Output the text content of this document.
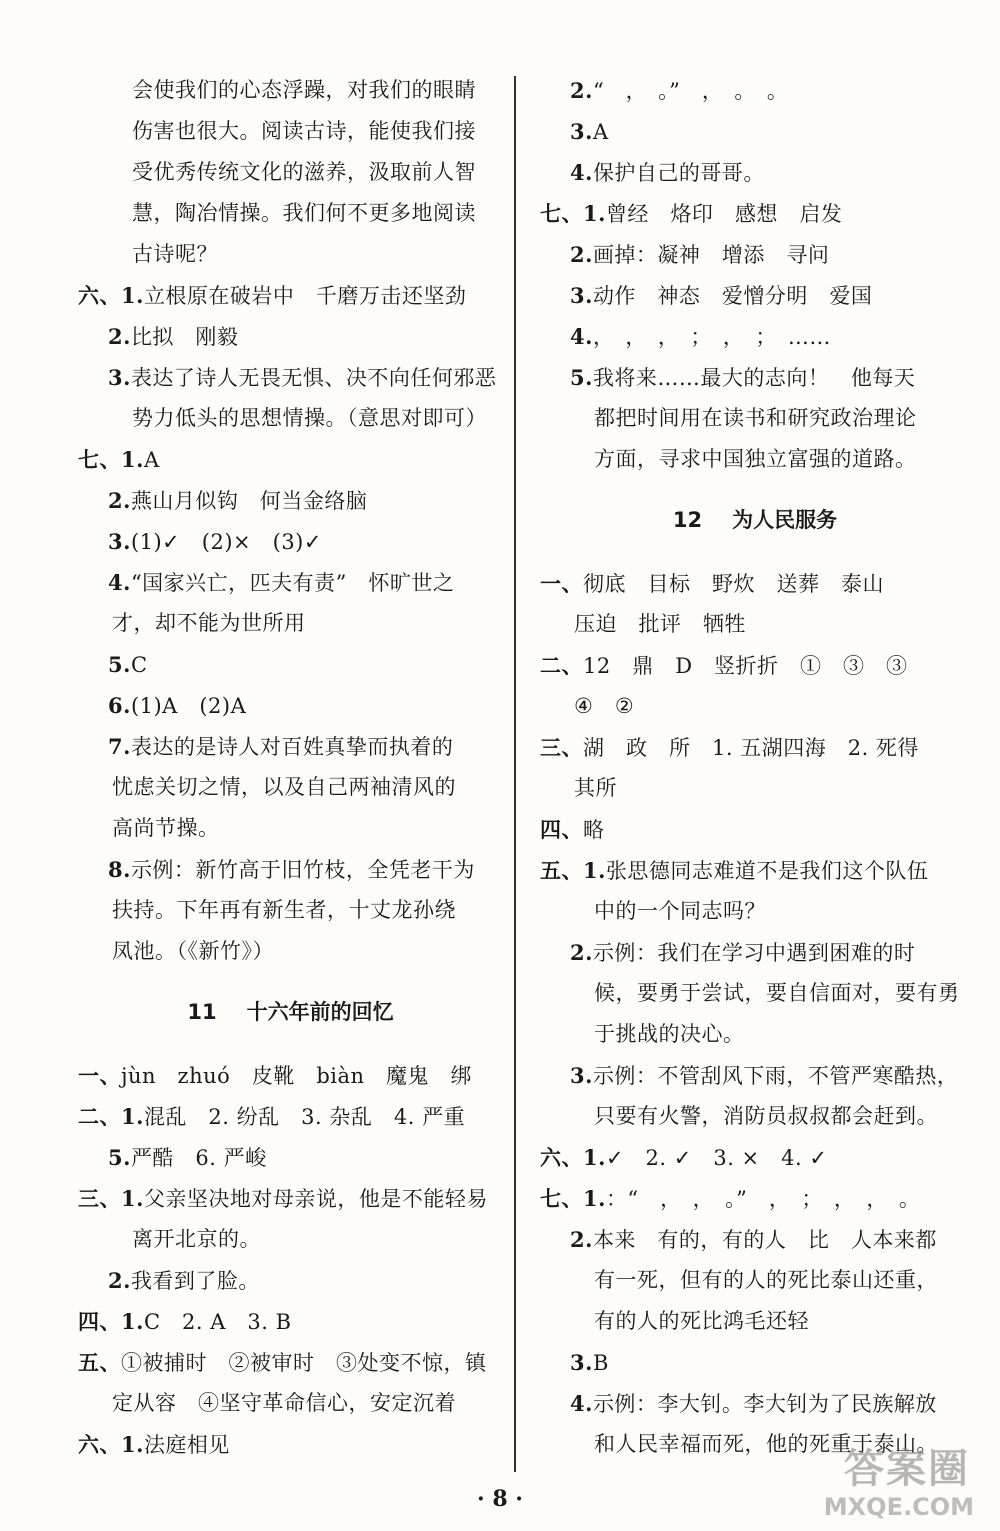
会使我们的心态浮躁，对我们的眼睛
伤害也很大。阅读古诗，能使我们接
受优秀传统文化的滋养，汲取前人智
慧，陶冶情操。我们何不更多地阅读
古诗呢？
六、1.立根原在破岩中　千磨万击还坚劲
2.比拟　刚毅
3.表达了诗人无畏无惧、决不向任何邪恶
势力低头的思想情操。（意思对即可）
七、1.A
2.燕山月似钩　何当金络脑
3.(1)✓　(2)×　(3)✓
4.“国家兴亡，匹夫有责”　怀旷世之
才，却不能为世所用
5.C
6.(1)A　(2)A
7.表达的是诗人对百姓真挚而执着的
忧虑关切之情，以及自己两袖清风的
高尚节操。
8.示例：新竹高于旧竹枝，全凭老干为
扶持。下年再有新生者，十丈龙孙绕
凤池。（《新竹》）
11 十六年前的回忆
一、jùn　zhuó　皮靴　biàn　魔鬼　绑
二、1.混乱　2. 纷乱　3. 杂乱　4. 严重
5.严酷　6. 严峻
三、1.父亲坚决地对母亲说，他是不能轻易
离开北京的。
2.我看到了脸。
四、1.C　2. A　3. B
五、①被捕时　②被审时　③处变不惊，镇
定从容　④坚守革命信心，安定沉着
六、1.法庭相见
2.“　，　。”　，　。　。
3.A
4.保护自己的哥哥。
七、1.曾经　烙印　感想　启发
2.画掉：凝神　增添　寻问
3.动作　神态　爱憎分明　爱国
4.，　，　，　；　，　；　……
5.我将来……最大的志向！　他每天
都把时间用在读书和研究政治理论
方面，寻求中国独立富强的道路。
12 为人民服务
一、彻底　目标　野炊　送葬　泰山
压迫　批评　牺牲
二、12　鼎　D　竖折折　①　③　③
④　②
三、湖　政　所　1. 五湖四海　2. 死得
其所
四、略
五、1.张思德同志难道不是我们这个队伍
中的一个同志吗？
2.示例：我们在学习中遇到困难的时
候，要勇于尝试，要自信面对，要有勇
于挑战的决心。
3.示例：不管刮风下雨，不管严寒酷热，
只要有火警，消防员叔叔都会赶到。
六、1.✓　2. ✓　3. ×　4. ✓
七、1.：“　，　，　。”　，　；　，　，　。
2.本来　有的，有的人　比　人本来都
有一死，但有的人的死比泰山还重，
有的人的死比鸿毛还轻
3.B
4.示例：李大钊。李大钊为了民族解放
和人民幸福而死，他的死重于泰山。
· 8 ·
答案圈
MXQE.COM
